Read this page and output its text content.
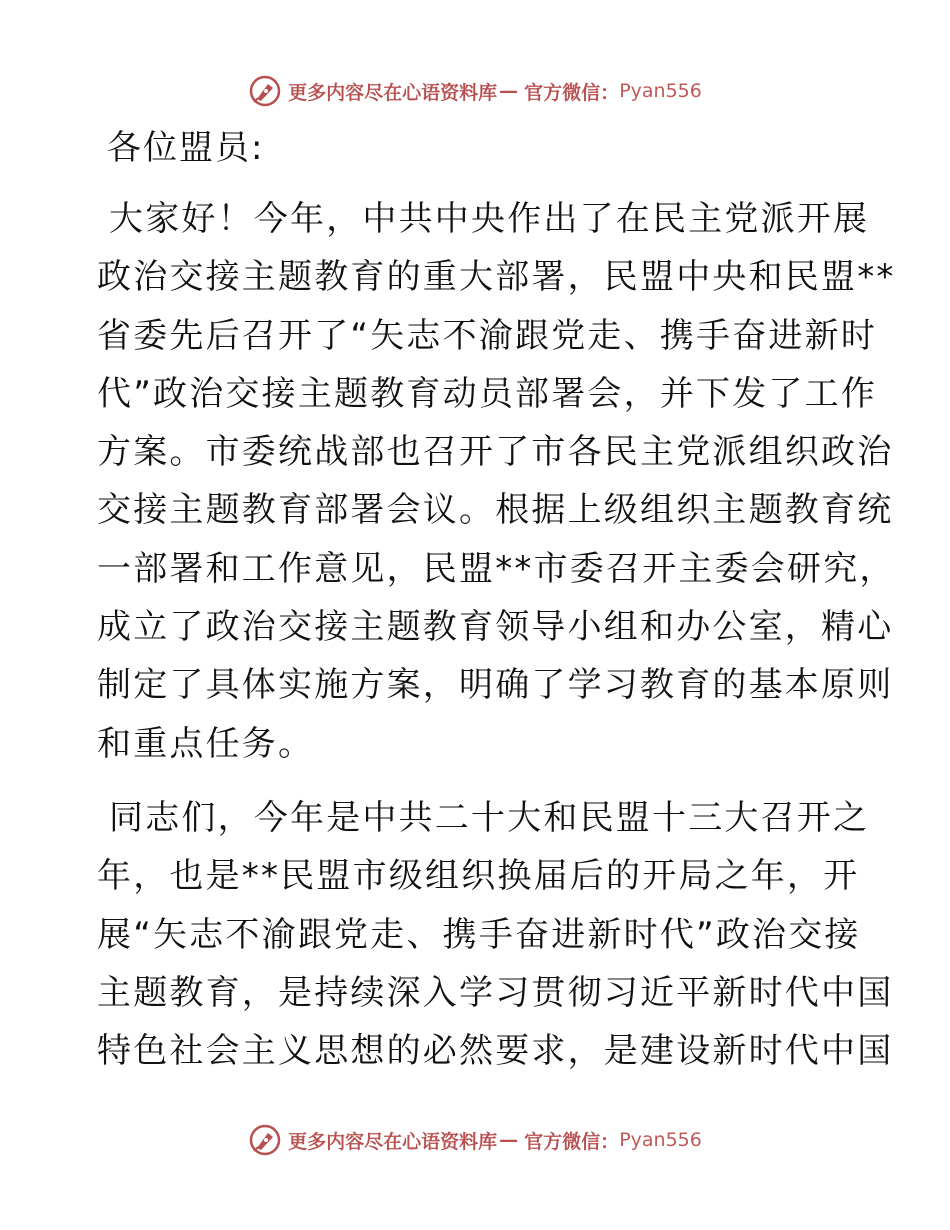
更多内容尽在心语资料库 — 官方微信： Pyan556
各位盟员:
大家好！今年，中共中央作出了在民主党派开展
政治交接主题教育的重大部署，民盟中央和民盟**
省委先后召开了“矢志不渝跟党走、携手奋进新时
代”政治交接主题教育动员部署会，并下发了工作
方案。市委统战部也召开了市各民主党派组织政治
交接主题教育部署会议。根据上级组织主题教育统
一部署和工作意见，民盟**市委召开主委会研究，
成立了政治交接主题教育领导小组和办公室，精心
制定了具体实施方案，明确了学习教育的基本原则
和重点任务。
同志们，今年是中共二十大和民盟十三大召开之
年，也是**民盟市级组织换届后的开局之年，开
展“矢志不渝跟党走、携手奋进新时代”政治交接
主题教育，是持续深入学习贯彻习近平新时代中国
特色社会主义思想的必然要求，是建设新时代中国
更多内容尽在心语资料库 — 官方微信： Pyan556
